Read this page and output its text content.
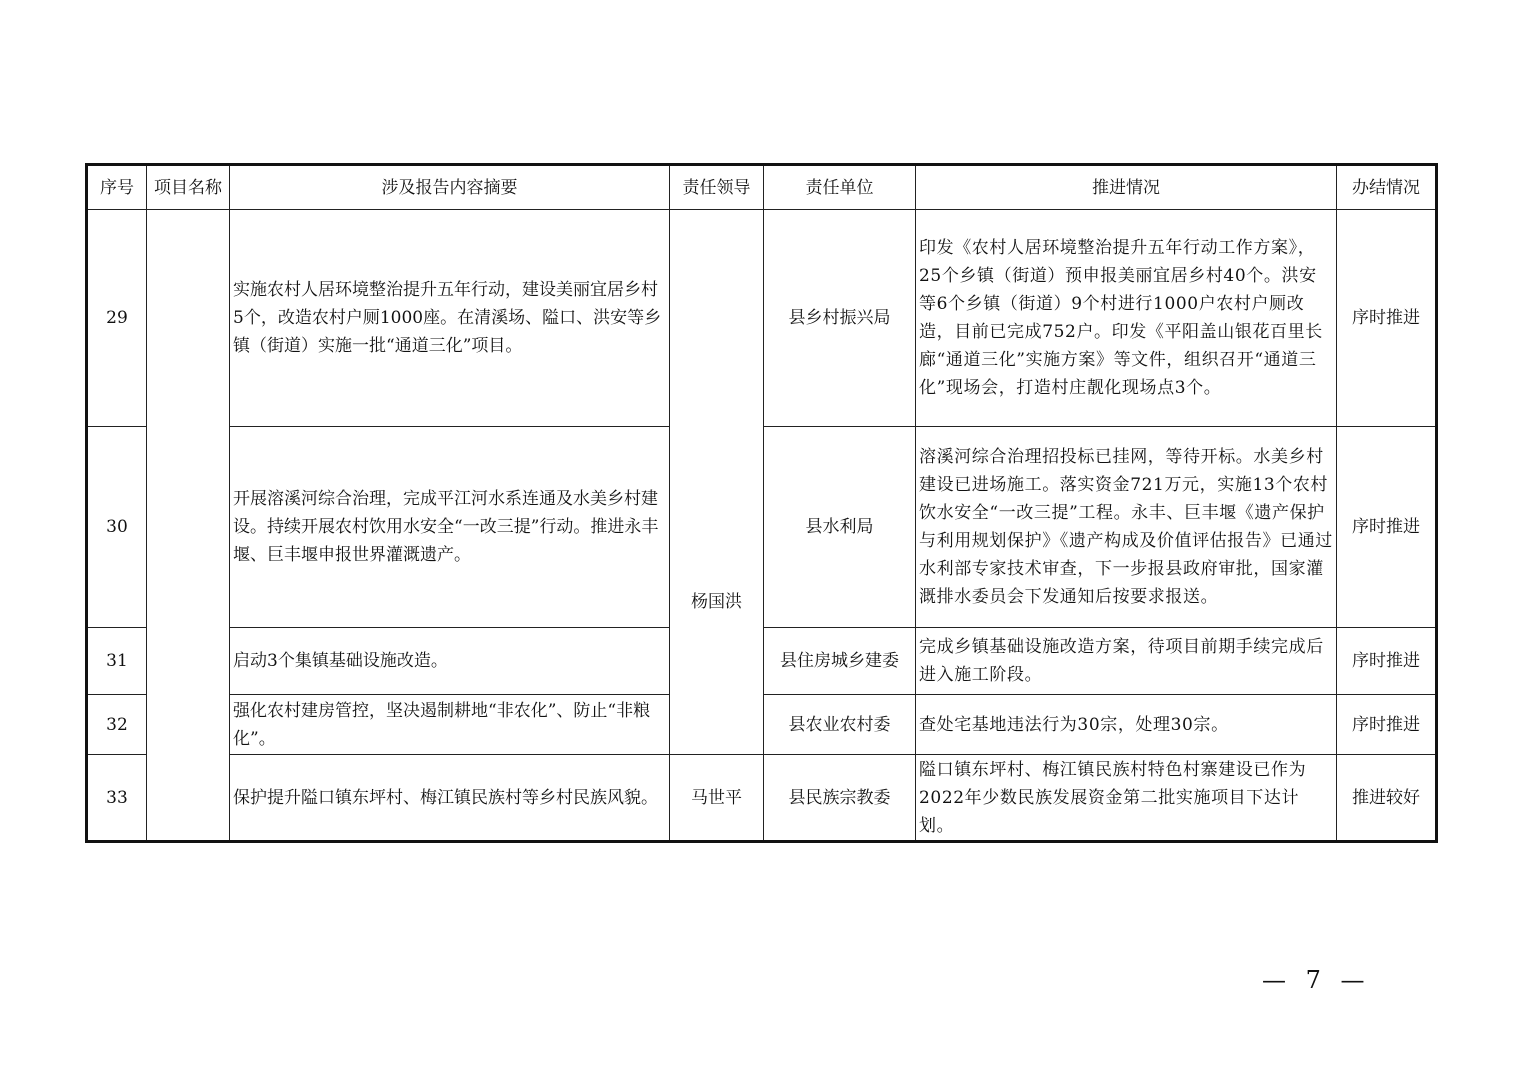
序号	项目名称	涉及报告内容摘要	责任领导	责任单位	推进情况	办结情况
29		实施农村人居环境整治提升五年行动，建设美丽宜居乡村5个，改造农村户厕1000座。在清溪场、隘口、洪安等乡镇（街道）实施一批“通道三化”项目。	杨国洪	县乡村振兴局	印发《农村人居环境整治提升五年行动工作方案》，25个乡镇（街道）预申报美丽宜居乡村40个。洪安等6个乡镇（街道）9个村进行1000户农村户厕改造，目前已完成752户。印发《平阳盖山银花百里长廊“通道三化”实施方案》等文件，组织召开“通道三化”现场会，打造村庄靓化现场点3个。	序时推进
30		开展溶溪河综合治理，完成平江河水系连通及水美乡村建设。持续开展农村饮用水安全“一改三提”行动。推进永丰堰、巨丰堰申报世界灌溉遗产。		县水利局	溶溪河综合治理招投标已挂网，等待开标。水美乡村建设已进场施工。落实资金721万元，实施13个农村饮水安全“一改三提”工程。永丰、巨丰堰《遗产保护与利用规划保护》《遗产构成及价值评估报告》已通过水利部专家技术审查，下一步报县政府审批，国家灌溉排水委员会下发通知后按要求报送。	序时推进
31		启动3个集镇基础设施改造。		县住房城乡建委	完成乡镇基础设施改造方案，待项目前期手续完成后进入施工阶段。	序时推进
32		强化农村建房管控，坚决遏制耕地“非农化”、防止“非粮化”。		县农业农村委	查处宅基地违法行为30宗，处理30宗。	序时推进
33		保护提升隘口镇东坪村、梅江镇民族村等乡村民族风貌。	马世平	县民族宗教委	隘口镇东坪村、梅江镇民族村特色村寨建设已作为2022年少数民族发展资金第二批实施项目下达计划。	推进较好
— 7 —
